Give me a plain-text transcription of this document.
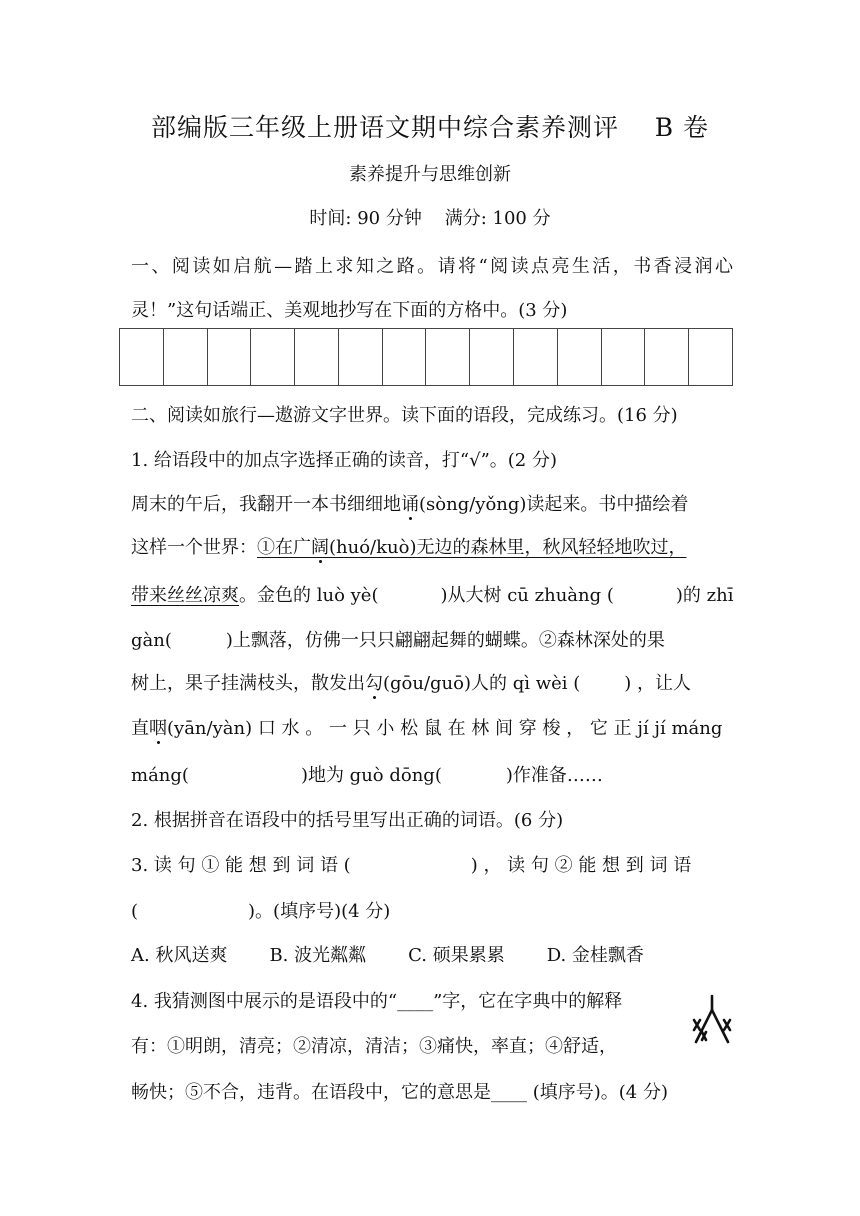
部编版三年级上册语文期中综合素养测评    B 卷
素养提升与思维创新
时间: 90 分钟    满分: 100 分
一、阅读如启航—踏上求知之路。请将“阅读点亮生活，书香浸润心
灵！”这句话端正、美观地抄写在下面的方格中。(3 分)
二、阅读如旅行—遨游文字世界。读下面的语段，完成练习。(16 分)
1. 给语段中的加点字选择正确的读音，打“√”。(2 分)
周末的午后，我翻开一本书细细地诵(sòng/yǒng)读起来。书中描绘着
这样一个世界：①在广阔(huó/kuò)无边的森林里，秋风轻轻地吹过，
带来丝丝凉爽。金色的 luò yè(	)从大树 cū zhuàng (	)的 zhī
gàn(	)上飘落，仿佛一只只翩翩起舞的蝴蝶。②森林深处的果
树上，果子挂满枝头，散发出勾(gōu/guō)人的 qì wèi ( ) ，让人
直咽(yān/yàn) 口 水 。 一 只 小 松 鼠 在 林 间 穿 梭 ， 它 正 jí jí máng
máng(	)地为 guò dōng(	)作准备……
2. 根据拼音在语段中的括号里写出正确的词语。(6 分)
3. 读 句 ① 能 想 到 词 语 (	) ， 读 句 ② 能 想 到 词 语
(	)。(填序号)(4 分)
A. 秋风送爽 B. 波光粼粼 C. 硕果累累 D. 金桂飘香
4. 我猜测图中展示的是语段中的“____”字，它在字典中的解释
有：①明朗，清亮；②清凉，清洁；③痛快，率直；④舒适，
畅快；⑤不合，违背。在语段中，它的意思是____ (填序号)。(4 分)
